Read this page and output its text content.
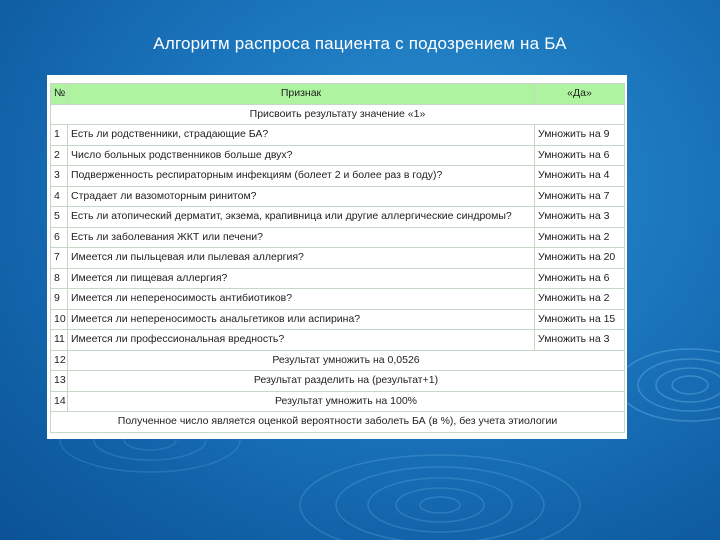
Алгоритм распроса пациента с подозрением на БА
№	Признак	«Да»
Присвоить результату значение «1»		
1	Есть ли родственники, страдающие БА?	Умножить на 9
2	Число больных родственников больше двух?	Умножить на 6
3	Подверженность респираторным инфекциям (болеет 2 и более раз в году)?	Умножить на 4
4	Страдает ли вазомоторным ринитом?	Умножить на 7
5	Есть ли атопический дерматит, экзема, крапивница или другие аллергические синдромы?	Умножить на 3
6	Есть ли заболевания ЖКТ или печени?	Умножить на 2
7	Имеется ли пыльцевая или пылевая аллергия?	Умножить на 20
8	Имеется ли пищевая аллергия?	Умножить на 6
9	Имеется ли непереносимость антибиотиков?	Умножить на 2
10	Имеется ли непереносимость анальгетиков или аспирина?	Умножить на 15
11	Имеется ли профессиональная вредность?	Умножить на 3
12	Результат умножить на 0,0526	
13	Результат разделить на (результат+1)	
14	Результат умножить на 100%	
Полученное число является оценкой вероятности заболеть БА (в %), без учета этиологии		
